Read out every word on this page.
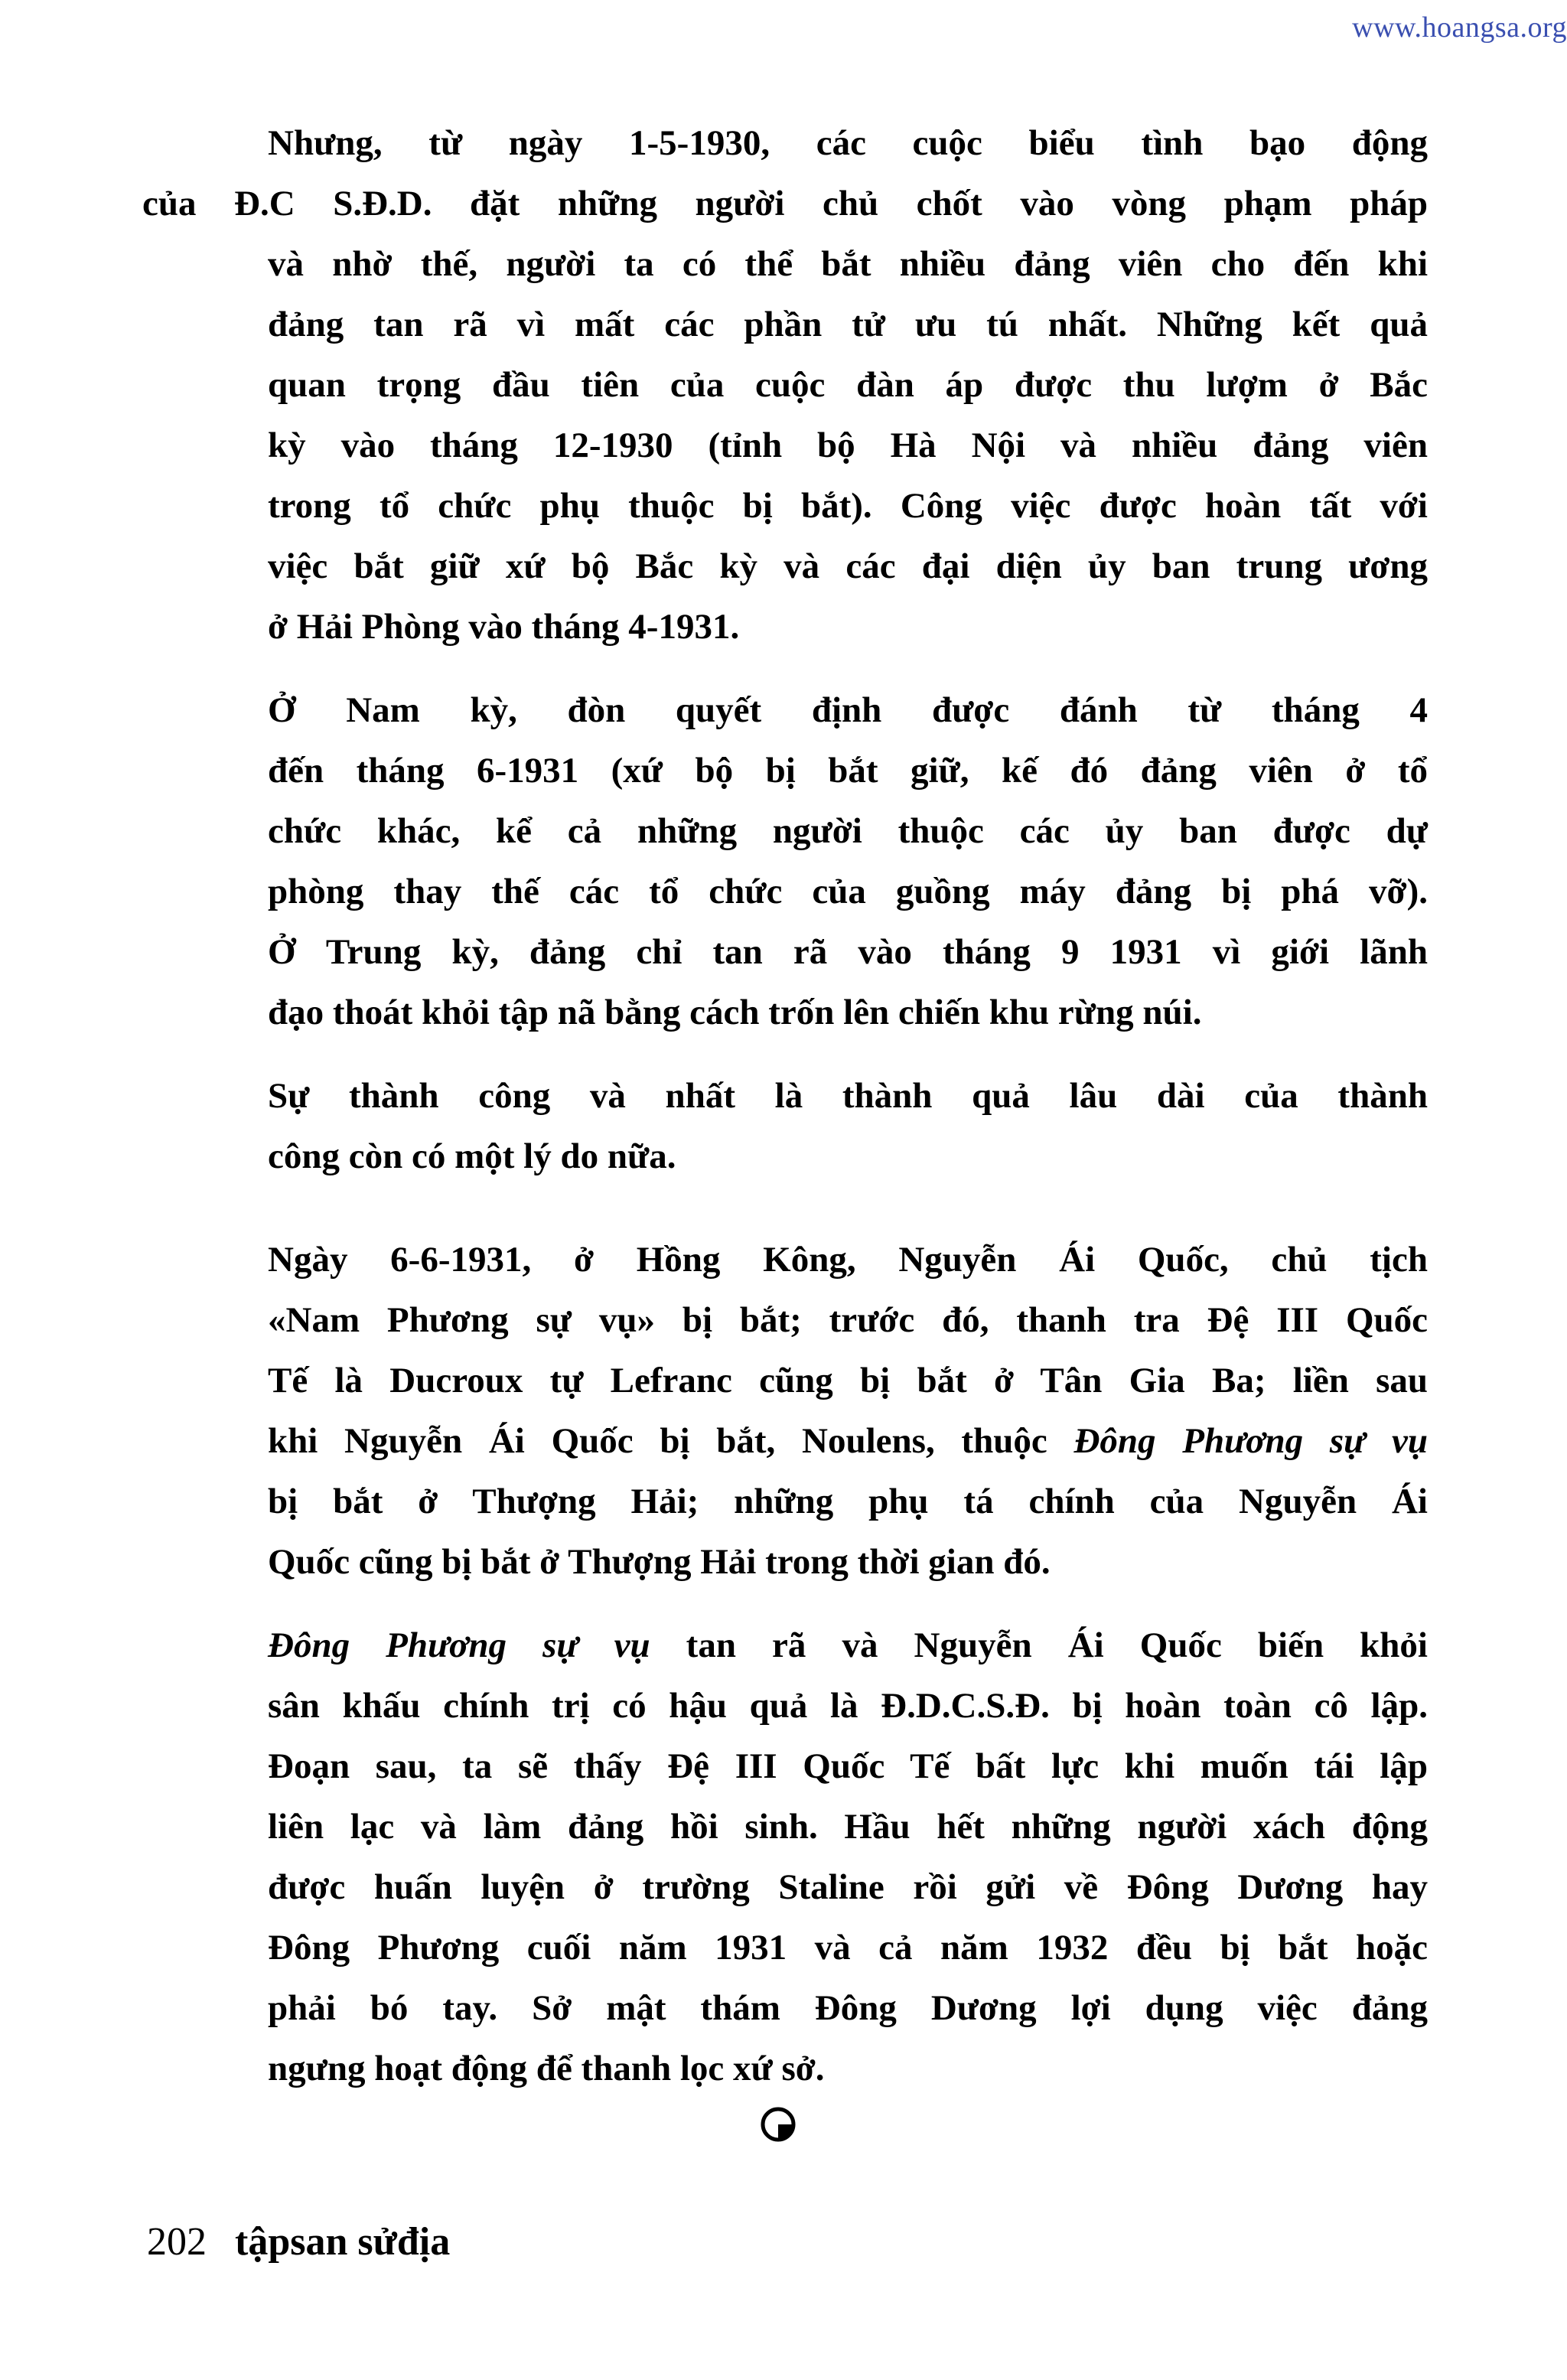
www.hoangsa.org

Nhưng, từ ngày 1-5-1930, các cuộc biểu tình bạo động
của Đ.C S.Đ.D. đặt những người chủ chốt vào vòng phạm pháp
và nhờ thế, người ta có thể bắt nhiều đảng viên cho đến khi
đảng tan rã vì mất các phần tử ưu tú nhất. Những kết quả
quan trọng đầu tiên của cuộc đàn áp được thu lượm ở Bắc
kỳ vào tháng 12-1930 (tỉnh bộ Hà Nội và nhiều đảng viên
trong tổ chức phụ thuộc bị bắt). Công việc được hoàn tất với
việc bắt giữ xứ bộ Bắc kỳ và các đại diện ủy ban trung ương
ở Hải Phòng vào tháng 4-1931.

Ở Nam kỳ, đòn quyết định được đánh từ tháng 4
đến tháng 6-1931 (xứ bộ bị bắt giữ, kế đó đảng viên ở tổ
chức khác, kể cả những người thuộc các ủy ban được dự
phòng thay thế các tổ chức của guồng máy đảng bị phá vỡ).
Ở Trung kỳ, đảng chỉ tan rã vào tháng 9 1931 vì giới lãnh
đạo thoát khỏi tập nã bằng cách trốn lên chiến khu rừng núi.

Sự thành công và nhất là thành quả lâu dài của thành
công còn có một lý do nữa.

Ngày 6-6-1931, ở Hồng Kông, Nguyễn Ái Quốc, chủ tịch
«Nam Phương sự vụ» bị bắt; trước đó, thanh tra Đệ III Quốc
Tế là Ducroux tự Lefranc cũng bị bắt ở Tân Gia Ba; liền sau
khi Nguyễn Ái Quốc bị bắt, Noulens, thuộc Đông Phương sự vụ
bị bắt ở Thượng Hải; những phụ tá chính của Nguyễn Ái
Quốc cũng bị bắt ở Thượng Hải trong thời gian đó.

Đông Phương sự vụ tan rã và Nguyễn Ái Quốc biến khỏi
sân khấu chính trị có hậu quả là Đ.D.C.S.Đ. bị hoàn toàn cô lập.
Đoạn sau, ta sẽ thấy Đệ III Quốc Tế bất lực khi muốn tái lập
liên lạc và làm đảng hồi sinh. Hầu hết những người xách động
được huấn luyện ở trường Staline rồi gửi về Đông Dương hay
Đông Phương cuối năm 1931 và cả năm 1932 đều bị bắt hoặc
phải bó tay. Sở mật thám Đông Dương lợi dụng việc đảng
ngưng hoạt động để thanh lọc xứ sở.

202 tậpsan sửđịa
